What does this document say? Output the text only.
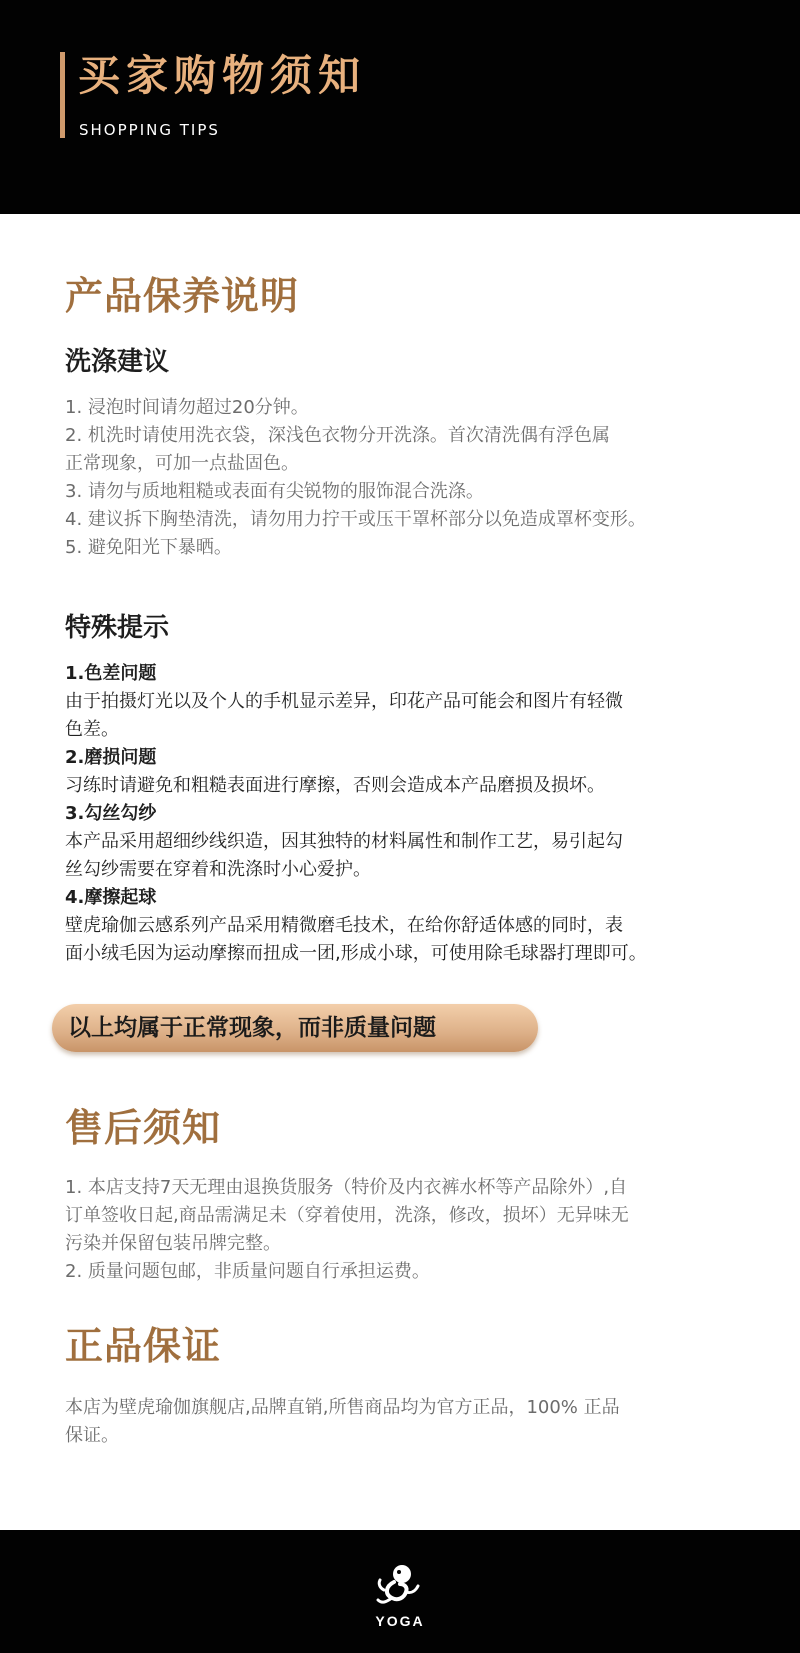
买家购物须知
SHOPPING TIPS
产品保养说明
洗涤建议
1. 浸泡时间请勿超过20分钟。
2. 机洗时请使用洗衣袋，深浅色衣物分开洗涤。首次清洗偶有浮色属
正常现象，可加一点盐固色。
3. 请勿与质地粗糙或表面有尖锐物的服饰混合洗涤。
4. 建议拆下胸垫清洗，请勿用力拧干或压干罩杯部分以免造成罩杯变形。
5. 避免阳光下暴晒。
特殊提示
1.色差问题
由于拍摄灯光以及个人的手机显示差异，印花产品可能会和图片有轻微
色差。
2.磨损问题
习练时请避免和粗糙表面进行摩擦，否则会造成本产品磨损及损坏。
3.勾丝勾纱
本产品采用超细纱线织造，因其独特的材料属性和制作工艺，易引起勾
丝勾纱需要在穿着和洗涤时小心爱护。
4.摩擦起球
壁虎瑜伽云感系列产品采用精微磨毛技术，在给你舒适体感的同时，表
面小绒毛因为运动摩擦而扭成一团,形成小球，可使用除毛球器打理即可。
以上均属于正常现象，而非质量问题
售后须知
1. 本店支持7天无理由退换货服务（特价及内衣裤水杯等产品除外）,自
订单签收日起,商品需满足未（穿着使用，洗涤，修改，损坏）无异味无
污染并保留包装吊牌完整。
2. 质量问题包邮，非质量问题自行承担运费。
正品保证
本店为壁虎瑜伽旗舰店,品牌直销,所售商品均为官方正品，100% 正品
保证。
YOGA
